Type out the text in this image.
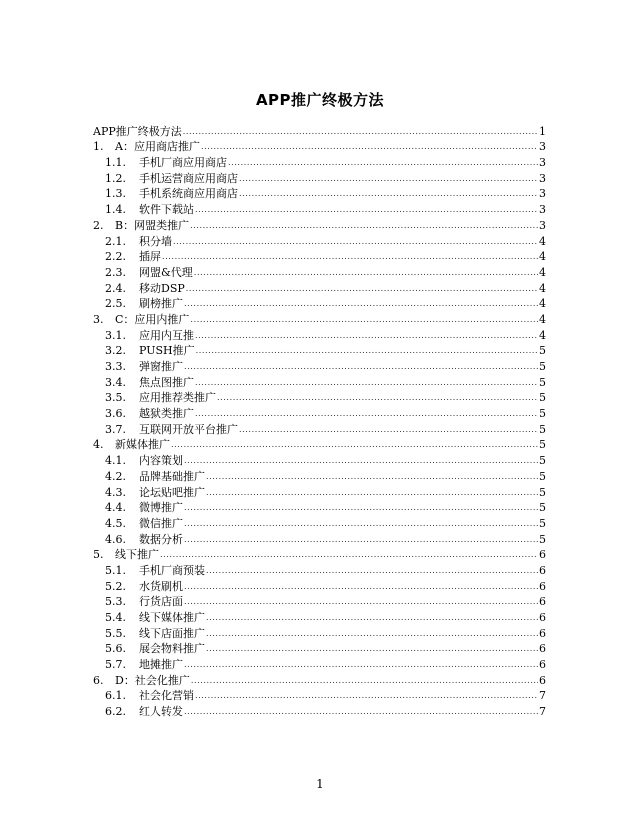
APP推广终极方法
APP推广终极方法 .....	1
1.	A：应用商店推广 .....	3
1.1.	手机厂商应用商店 .....	3
1.2.	手机运营商应用商店 .....	3
1.3.	手机系统商应用商店 .....	3
1.4.	软件下载站 .....	3
2.	B：网盟类推广 .....	3
2.1.	积分墙 .....	4
2.2.	插屏 .....	4
2.3.	网盟&代理 .....	4
2.4.	移动DSP .....	4
2.5.	刷榜推广 .....	4
3.	C：应用内推广 .....	4
3.1.	应用内互推 .....	4
3.2.	PUSH推广 .....	5
3.3.	弹窗推广 .....	5
3.4.	焦点图推广 .....	5
3.5.	应用推荐类推广 .....	5
3.6.	越狱类推广 .....	5
3.7.	互联网开放平台推广 .....	5
4.	新媒体推广 .....	5
4.1.	内容策划 .....	5
4.2.	品牌基础推广 .....	5
4.3.	论坛贴吧推广 .....	5
4.4.	微博推广 .....	5
4.5.	微信推广 .....	5
4.6.	数据分析 .....	5
5.	线下推广 .....	6
5.1.	手机厂商预装 .....	6
5.2.	水货刷机 .....	6
5.3.	行货店面 .....	6
5.4.	线下媒体推广 .....	6
5.5.	线下店面推广 .....	6
5.6.	展会物料推广 .....	6
5.7.	地摊推广 .....	6
6.	D：社会化推广 .....	6
6.1.	社会化营销 .....	7
6.2.	红人转发 .....	7
1
